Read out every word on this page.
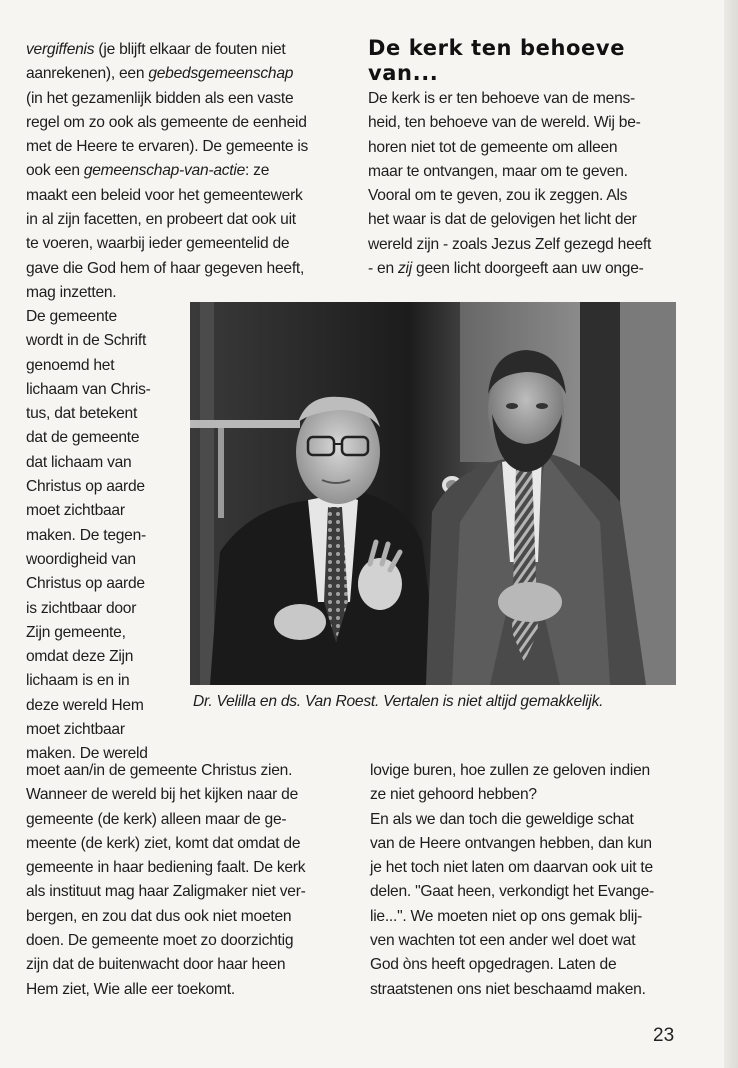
vergiffenis (je blijft elkaar de fouten niet
aanrekenen), een gebedsgemeenschap
(in het gezamenlijk bidden als een vaste
regel om zo ook als gemeente de eenheid
met de Heere te ervaren). De gemeente is
ook een gemeenschap-van-actie: ze
maakt een beleid voor het gemeentewerk
in al zijn facetten, en probeert dat ook uit
te voeren, waarbij ieder gemeentelid de
gave die God hem of haar gegeven heeft,
mag inzetten.
De gemeente
wordt in de Schrift
genoemd het
lichaam van Chris-
tus, dat betekent
dat de gemeente
dat lichaam van
Christus op aarde
moet zichtbaar
maken. De tegen-
woordigheid van
Christus op aarde
is zichtbaar door
Zijn gemeente,
omdat deze Zijn
lichaam is en in
deze wereld Hem
moet zichtbaar
maken. De wereld
moet aan/in de gemeente Christus zien.
Wanneer de wereld bij het kijken naar de
gemeente (de kerk) alleen maar de ge-
meente (de kerk) ziet, komt dat omdat de
gemeente in haar bediening faalt. De kerk
als instituut mag haar Zaligmaker niet ver-
bergen, en zou dat dus ook niet moeten
doen. De gemeente moet zo doorzichtig
zijn dat de buitenwacht door haar heen
Hem ziet, Wie alle eer toekomt.
De kerk ten behoeve
van...
De kerk is er ten behoeve van de mens-
heid, ten behoeve van de wereld. Wij be-
horen niet tot de gemeente om alleen
maar te ontvangen, maar om te geven.
Vooral om te geven, zou ik zeggen. Als
het waar is dat de gelovigen het licht der
wereld zijn - zoals Jezus Zelf gezegd heeft
- en zij geen licht doorgeeft aan uw onge-
Dr. Velilla en ds. Van Roest. Vertalen is niet altijd gemakkelijk.
lovige buren, hoe zullen ze geloven indien
ze niet gehoord hebben?
En als we dan toch die geweldige schat
van de Heere ontvangen hebben, dan kun
je het toch niet laten om daarvan ook uit te
delen. "Gaat heen, verkondigt het Evange-
lie...". We moeten niet op ons gemak blij-
ven wachten tot een ander wel doet wat
God òns heeft opgedragen. Laten de
straatstenen ons niet beschaamd maken.
23
